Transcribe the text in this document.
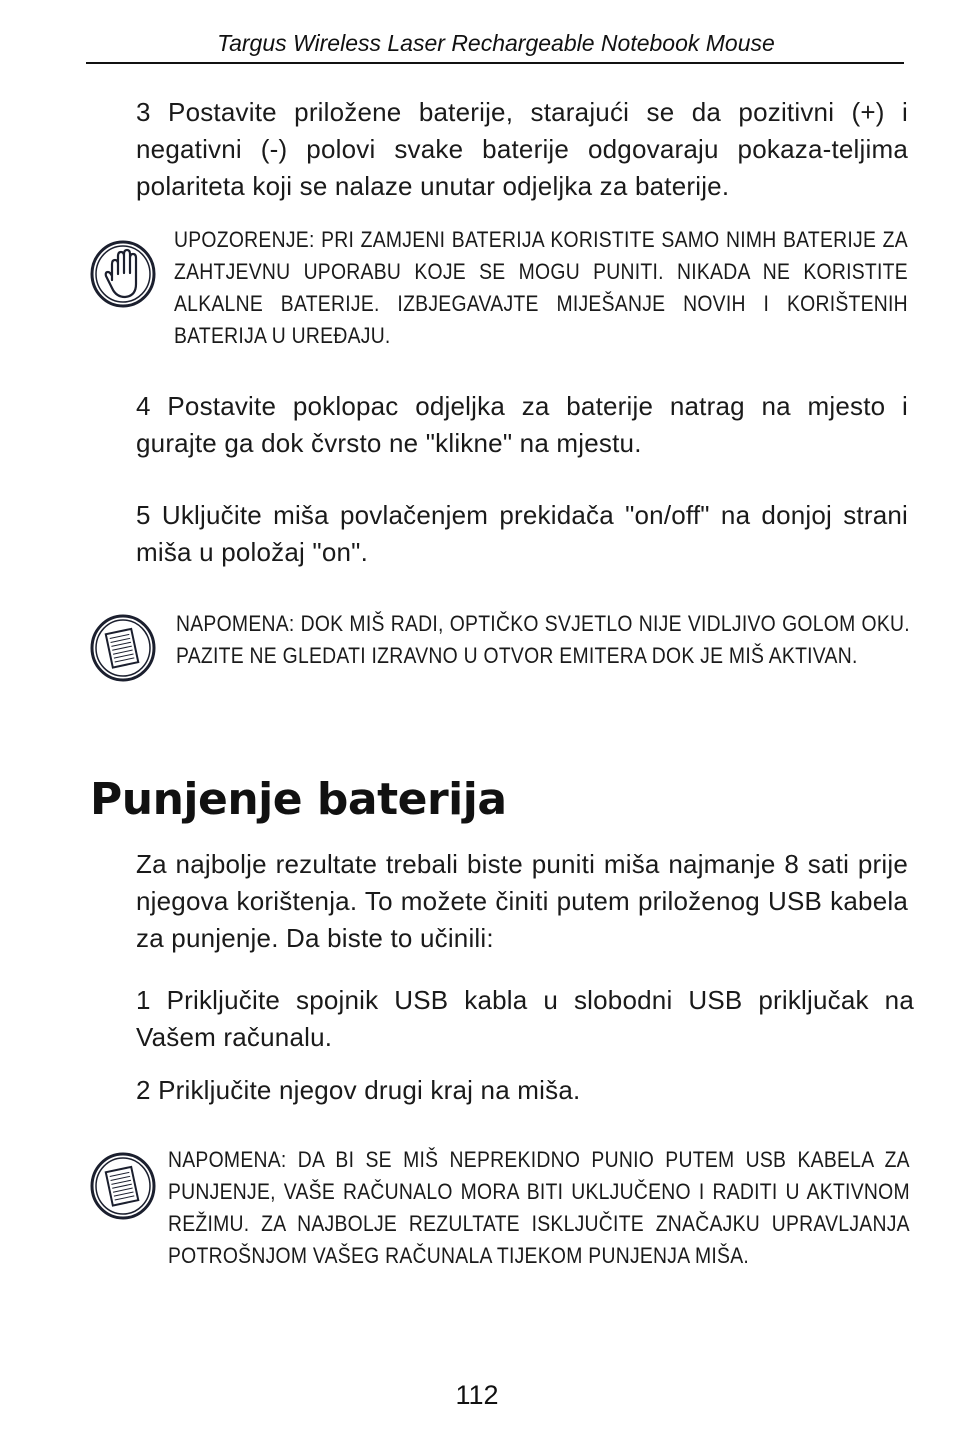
Targus Wireless Laser Rechargeable Notebook Mouse
3 Postavite priložene baterije, starajući se da pozitivni (+) i negativni (-) polovi svake baterije odgovaraju pokaza-teljima polariteta koji se nalaze unutar odjeljka za baterije.
UPOZORENJE: PRI ZAMJENI BATERIJA KORISTITE SAMO NIMH BATERIJE ZA ZAHTJEVNU UPORABU KOJE SE MOGU PUNITI. NIKADA NE KORISTITE ALKALNE BATERIJE. IZBJEGAVAJTE MIJEŠANJE NOVIH I KORIŠTENIH BATERIJA U UREĐAJU.
4 Postavite poklopac odjeljka za baterije natrag na mjesto i gurajte ga dok čvrsto ne "klikne" na mjestu.
5 Uključite miša povlačenjem prekidača "on/off" na donjoj strani miša u položaj "on".
NAPOMENA: DOK MIŠ RADI, OPTIČKO SVJETLO NIJE VIDLJIVO GOLOM OKU. PAZITE NE GLEDATI IZRAVNO U OTVOR EMITERA DOK JE MIŠ AKTIVAN.
Punjenje baterija
Za najbolje rezultate trebali biste puniti miša najmanje 8 sati prije njegova korištenja. To možete činiti putem priloženog USB kabela za punjenje. Da biste to učinili:
1 Priključite spojnik USB kabla u slobodni USB priključak na Vašem računalu.
2 Priključite njegov drugi kraj na miša.
NAPOMENA: DA BI SE MIŠ NEPREKIDNO PUNIO PUTEM USB KABELA ZA PUNJENJE, VAŠE RAČUNALO MORA BITI UKLJUČENO I RADITI U AKTIVNOM REŽIMU. ZA NAJBOLJE REZULTATE ISKLJUČITE ZNAČAJKU UPRAVLJANJA POTROŠNJOM VAŠEG RAČUNALA TIJEKOM PUNJENJA MIŠA.
112
